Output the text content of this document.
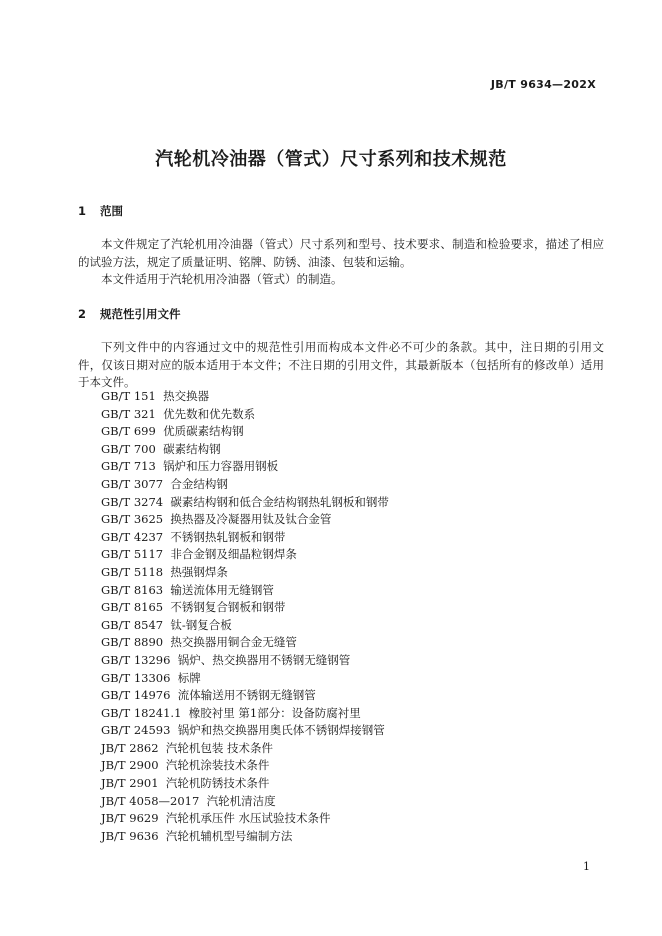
JB/T 9634—202X
汽轮机冷油器（管式）尺寸系列和技术规范
1 范围
本文件规定了汽轮机用冷油器（管式）尺寸系列和型号、技术要求、制造和检验要求，描述了相应的试验方法，规定了质量证明、铭牌、防锈、油漆、包装和运输。
本文件适用于汽轮机用冷油器（管式）的制造。
2 规范性引用文件
下列文件中的内容通过文中的规范性引用而构成本文件必不可少的条款。其中，注日期的引用文件，仅该日期对应的版本适用于本文件；不注日期的引用文件，其最新版本（包括所有的修改单）适用于本文件。
GB/T 151 热交换器
GB/T 321 优先数和优先数系
GB/T 699 优质碳素结构钢
GB/T 700 碳素结构钢
GB/T 713 锅炉和压力容器用钢板
GB/T 3077 合金结构钢
GB/T 3274 碳素结构钢和低合金结构钢热轧钢板和钢带
GB/T 3625 换热器及冷凝器用钛及钛合金管
GB/T 4237 不锈钢热轧钢板和钢带
GB/T 5117 非合金钢及细晶粒钢焊条
GB/T 5118 热强钢焊条
GB/T 8163 输送流体用无缝钢管
GB/T 8165 不锈钢复合钢板和钢带
GB/T 8547 钛-钢复合板
GB/T 8890 热交换器用铜合金无缝管
GB/T 13296 锅炉、热交换器用不锈钢无缝钢管
GB/T 13306 标牌
GB/T 14976 流体输送用不锈钢无缝钢管
GB/T 18241.1 橡胶衬里 第1部分：设备防腐衬里
GB/T 24593 锅炉和热交换器用奥氏体不锈钢焊接钢管
JB/T 2862 汽轮机包装 技术条件
JB/T 2900 汽轮机涂装技术条件
JB/T 2901 汽轮机防锈技术条件
JB/T 4058—2017 汽轮机清洁度
JB/T 9629 汽轮机承压件 水压试验技术条件
JB/T 9636 汽轮机辅机型号编制方法
1
